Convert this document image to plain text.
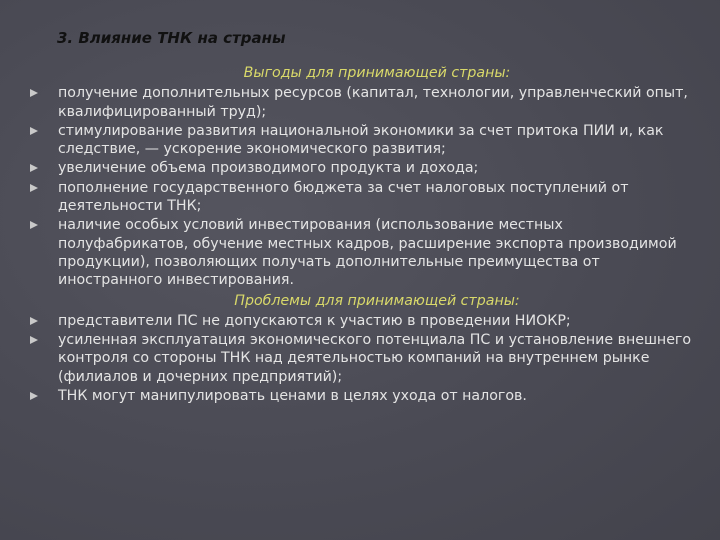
3. Влияние ТНК на страны

Выгоды для принимающей страны:

получение дополнительных ресурсов (капитал, технологии, управленческий опыт, квалифицированный труд);
стимулирование развития национальной экономики за счет притока ПИИ и, как следствие, — ускорение экономического развития;
увеличение объема производимого продукта и дохода;
пополнение государственного бюджета за счет налоговых поступлений от деятельности ТНК;
наличие особых условий инвестирования (использование местных полуфабрикатов, обучение местных кадров, расширение экспорта производимой продукции), позволяющих получать дополнительные преимущества от иностранного инвестирования.

Проблемы для принимающей страны:

представители ПС не допускаются к участию в проведении НИОКР;
усиленная эксплуатация экономического потенциала ПС и установление внешнего контроля со стороны ТНК над деятельностью компаний на внутреннем рынке (филиалов и дочерних предприятий);
ТНК могут манипулировать ценами в целях ухода от налогов.
